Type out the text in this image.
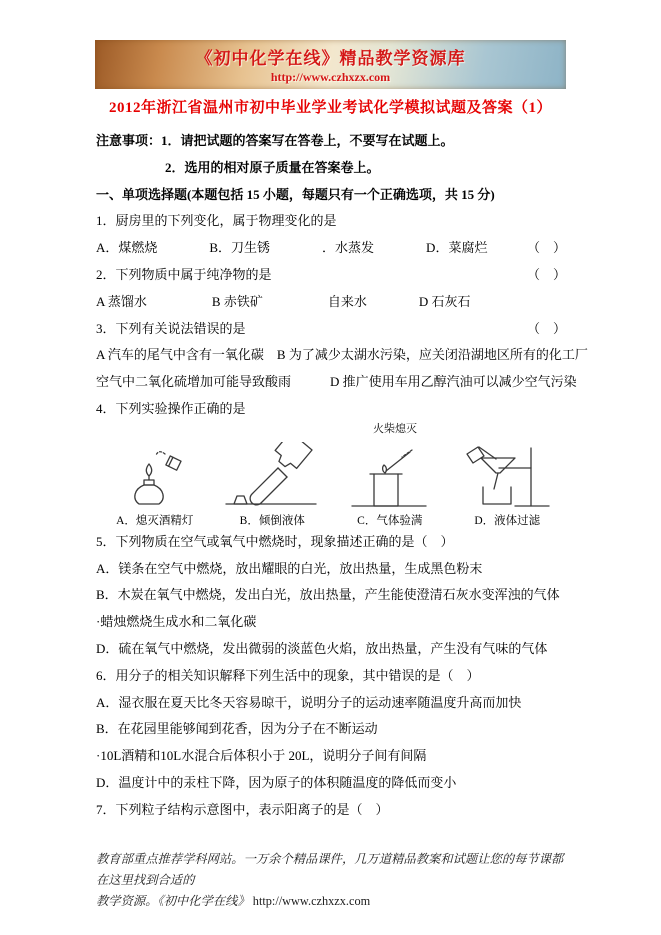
《初中化学在线》精品教学资源库
http://www.czhxzx.com
2012年浙江省温州市初中毕业学业考试化学模拟试题及答案（1）
注意事项：1．请把试题的答案写在答卷上，不要写在试题上。
2．选用的相对原子质量在答案卷上。
一、单项选择题(本题包括 15 小题，每题只有一个正确选项，共 15 分)
1．厨房里的下列变化，属于物理变化的是
A．煤燃烧　　　　B．刀生锈　　　　．水蒸发　　　　D．菜腐烂	（　）
2．下列物质中属于纯净物的是	（　）
A 蒸馏水　　　　　B 赤铁矿　　　　　自来水　　　　D 石灰石
3．下列有关说法错误的是	（　）
A 汽车的尾气中含有一氧化碳　B 为了减少太湖水污染，应关闭沿湖地区所有的化工厂
空气中二氧化硫增加可能导致酸雨　　　D 推广使用车用乙醇汽油可以减少空气污染
4．下列实验操作正确的是
A．熄灭酒精灯	B．倾倒液体
火柴熄灭
C．气体验满	D．液体过滤
5．下列物质在空气或氧气中燃烧时，现象描述正确的是（　）
A．镁条在空气中燃烧，放出耀眼的白光，放出热量，生成黑色粉末
B．木炭在氧气中燃烧，发出白光，放出热量，产生能使澄清石灰水变浑浊的气体
·蜡烛燃烧生成水和二氧化碳
D．硫在氧气中燃烧，发出微弱的淡蓝色火焰，放出热量，产生没有气味的气体
6．用分子的相关知识解释下列生活中的现象，其中错误的是（　）
A．湿衣服在夏天比冬天容易晾干，说明分子的运动速率随温度升高而加快
B．在花园里能够闻到花香，因为分子在不断运动
·10L酒精和10L水混合后体积小于 20L，说明分子间有间隔
D．温度计中的汞柱下降，因为原子的体积随温度的降低而变小
7．下列粒子结构示意图中，表示阳离子的是（　）
教育部重点推荐学科网站。一万余个精品课件，几万道精品教案和试题让您的每节课都在这里找到合适的
教学资源。《初中化学在线》 http://www.czhxzx.com
